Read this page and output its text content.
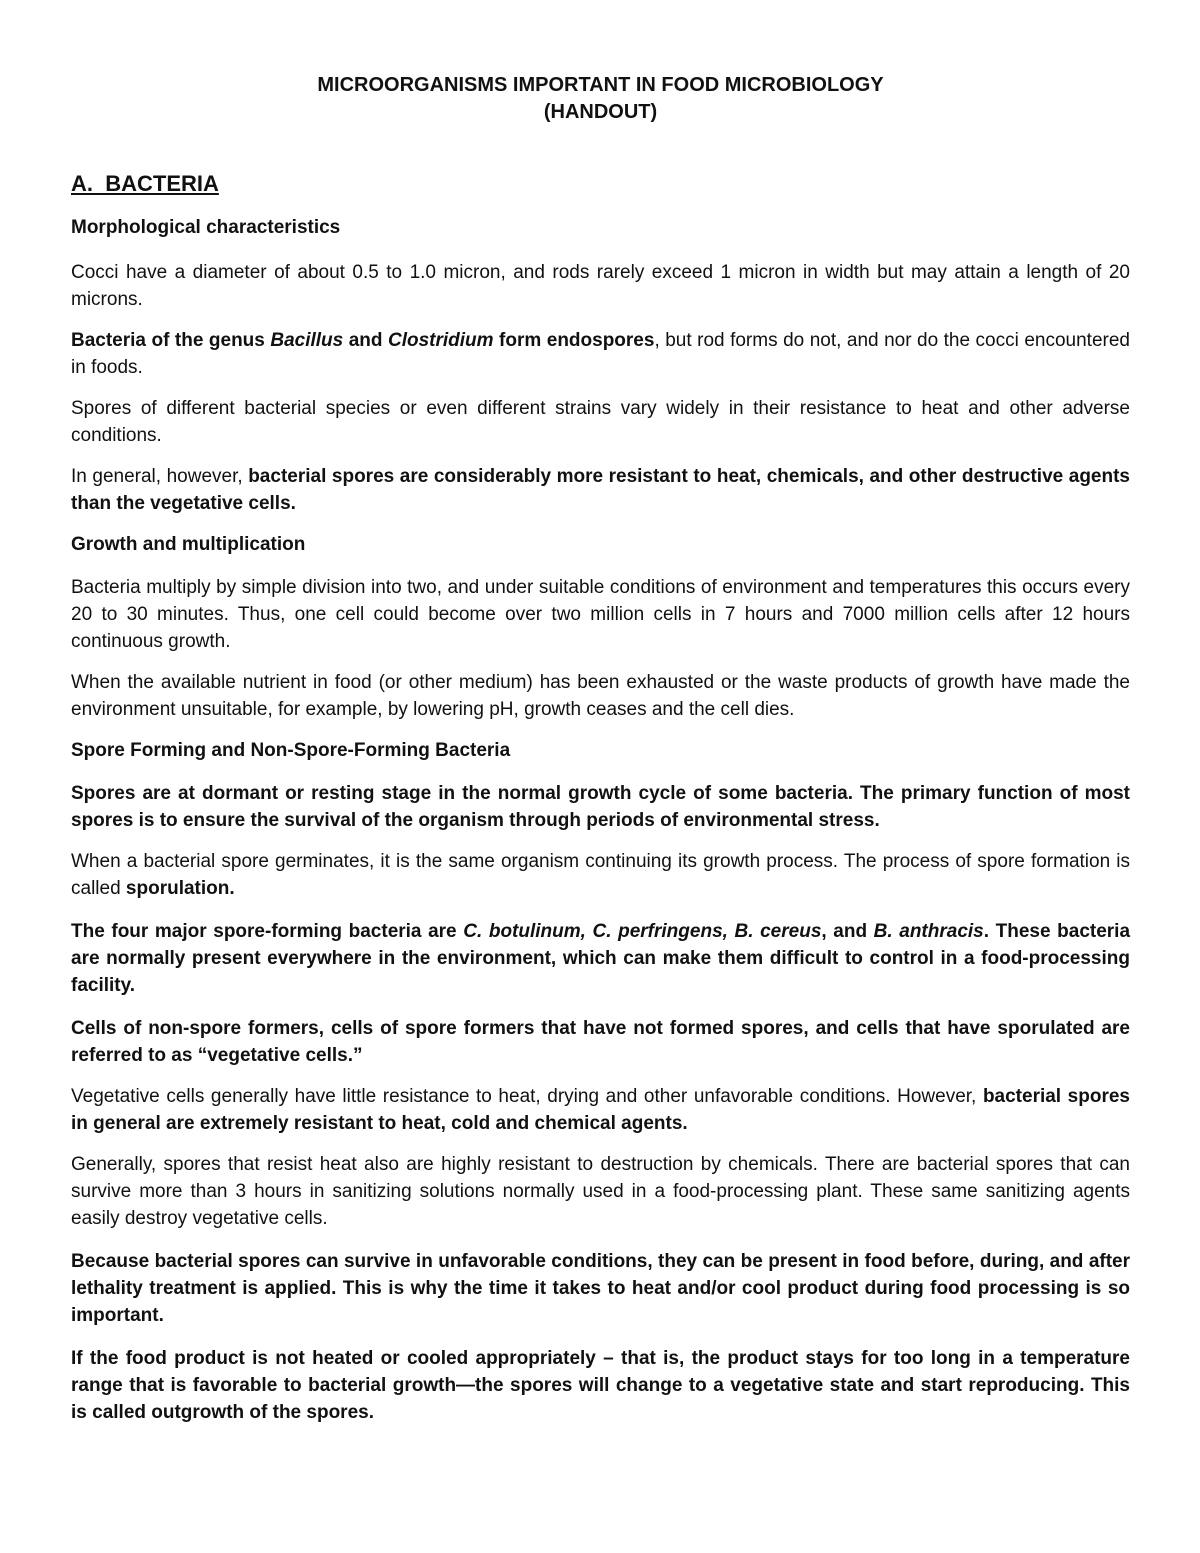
MICROORGANISMS IMPORTANT IN FOOD MICROBIOLOGY
(HANDOUT)
A.  BACTERIA
Morphological characteristics

Cocci have a diameter of about 0.5 to 1.0 micron, and rods rarely exceed 1 micron in width but may attain a length of 20 microns.

Bacteria of the genus Bacillus and Clostridium form endospores, but rod forms do not, and nor do the cocci encountered in foods.

Spores of different bacterial species or even different strains vary widely in their resistance to heat and other adverse conditions.

In general, however, bacterial spores are considerably more resistant to heat, chemicals, and other destructive agents than the vegetative cells.

Growth and multiplication

Bacteria multiply by simple division into two, and under suitable conditions of environment and temperatures this occurs every 20 to 30 minutes. Thus, one cell could become over two million cells in 7 hours and 7000 million cells after 12 hours continuous growth.

When the available nutrient in food (or other medium) has been exhausted or the waste products of growth have made the environment unsuitable, for example, by lowering pH, growth ceases and the cell dies.

Spore Forming and Non-Spore-Forming Bacteria

Spores are at dormant or resting stage in the normal growth cycle of some bacteria. The primary function of most spores is to ensure the survival of the organism through periods of environmental stress.

When a bacterial spore germinates, it is the same organism continuing its growth process. The process of spore formation is called sporulation.

The four major spore-forming bacteria are C. botulinum, C. perfringens, B. cereus, and B. anthracis. These bacteria are normally present everywhere in the environment, which can make them difficult to control in a food-processing facility.

Cells of non-spore formers, cells of spore formers that have not formed spores, and cells that have sporulated are referred to as “vegetative cells.”

Vegetative cells generally have little resistance to heat, drying and other unfavorable conditions. However, bacterial spores in general are extremely resistant to heat, cold and chemical agents.

Generally, spores that resist heat also are highly resistant to destruction by chemicals. There are bacterial spores that can survive more than 3 hours in sanitizing solutions normally used in a food-processing plant. These same sanitizing agents easily destroy vegetative cells.

Because bacterial spores can survive in unfavorable conditions, they can be present in food before, during, and after lethality treatment is applied. This is why the time it takes to heat and/or cool product during food processing is so important.

If the food product is not heated or cooled appropriately – that is, the product stays for too long in a temperature range that is favorable to bacterial growth—the spores will change to a vegetative state and start reproducing. This is called outgrowth of the spores.
